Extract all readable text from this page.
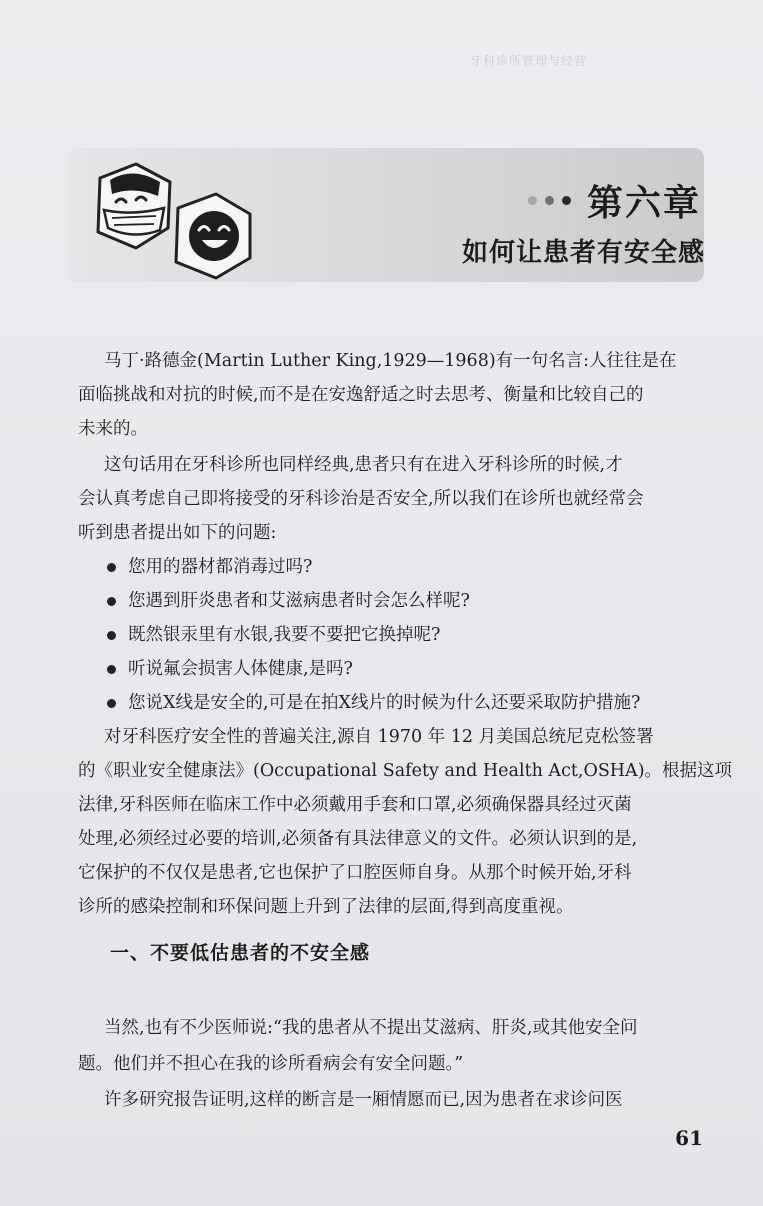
牙科诊所管理与经营
第六章
如何让患者有安全感

马丁·路德金(Martin Luther King,1929—1968)有一句名言:人往往是在
面临挑战和对抗的时候,而不是在安逸舒适之时去思考、衡量和比较自己的
未来的。

这句话用在牙科诊所也同样经典,患者只有在进入牙科诊所的时候,才
会认真考虑自己即将接受的牙科诊治是否安全,所以我们在诊所也就经常会
听到患者提出如下的问题:

您用的器材都消毒过吗?
您遇到肝炎患者和艾滋病患者时会怎么样呢?
既然银汞里有水银,我要不要把它换掉呢?
听说氟会损害人体健康,是吗?
您说X线是安全的,可是在拍X线片的时候为什么还要采取防护措施?

对牙科医疗安全性的普遍关注,源自 1970 年 12 月美国总统尼克松签署
的《职业安全健康法》(Occupational Safety and Health Act,OSHA)。根据这项
法律,牙科医师在临床工作中必须戴用手套和口罩,必须确保器具经过灭菌
处理,必须经过必要的培训,必须备有具法律意义的文件。必须认识到的是,
它保护的不仅仅是患者,它也保护了口腔医师自身。从那个时候开始,牙科
诊所的感染控制和环保问题上升到了法律的层面,得到高度重视。

一、不要低估患者的不安全感

当然,也有不少医师说:“我的患者从不提出艾滋病、肝炎,或其他安全问
题。他们并不担心在我的诊所看病会有安全问题。”

许多研究报告证明,这样的断言是一厢情愿而已,因为患者在求诊问医

61
